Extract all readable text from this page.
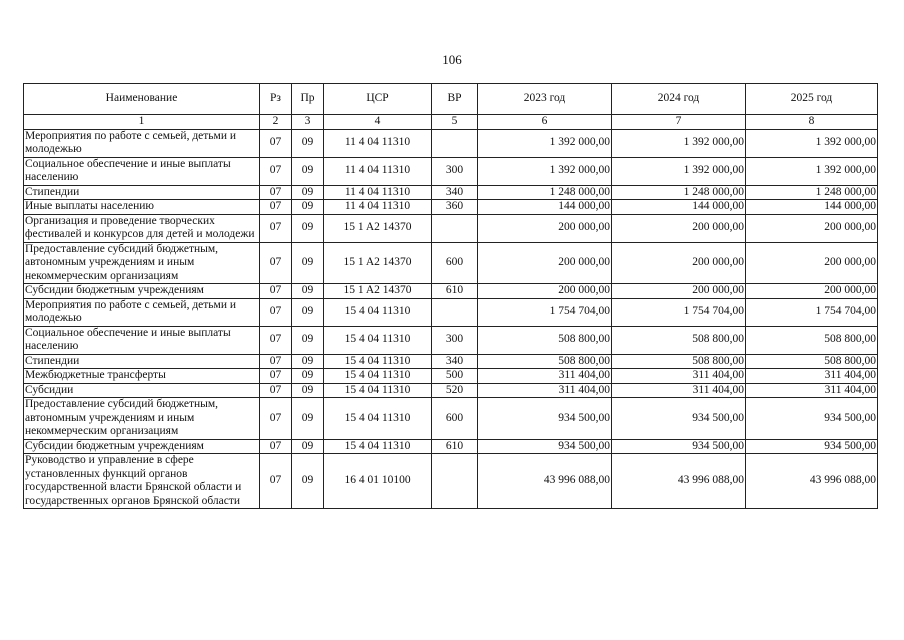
106
Наименование	Рз	Пр	ЦСР	ВР	2023 год	2024 год	2025 год
1	2	3	4	5	6	7	8
Мероприятия по работе с семьей, детьми и молодежью	07	09	11 4 04 11310		1 392 000,00	1 392 000,00	1 392 000,00
Социальное обеспечение и иные выплаты населению	07	09	11 4 04 11310	300	1 392 000,00	1 392 000,00	1 392 000,00
Стипендии	07	09	11 4 04 11310	340	1 248 000,00	1 248 000,00	1 248 000,00
Иные выплаты населению	07	09	11 4 04 11310	360	144 000,00	144 000,00	144 000,00
Организация и проведение творческих фестивалей и конкурсов для детей и молодежи	07	09	15 1 A2 14370		200 000,00	200 000,00	200 000,00
Предоставление субсидий бюджетным, автономным учреждениям и иным некоммерческим организациям	07	09	15 1 A2 14370	600	200 000,00	200 000,00	200 000,00
Субсидии бюджетным учреждениям	07	09	15 1 A2 14370	610	200 000,00	200 000,00	200 000,00
Мероприятия по работе с семьей, детьми и молодежью	07	09	15 4 04 11310		1 754 704,00	1 754 704,00	1 754 704,00
Социальное обеспечение и иные выплаты населению	07	09	15 4 04 11310	300	508 800,00	508 800,00	508 800,00
Стипендии	07	09	15 4 04 11310	340	508 800,00	508 800,00	508 800,00
Межбюджетные трансферты	07	09	15 4 04 11310	500	311 404,00	311 404,00	311 404,00
Субсидии	07	09	15 4 04 11310	520	311 404,00	311 404,00	311 404,00
Предоставление субсидий бюджетным, автономным учреждениям и иным некоммерческим организациям	07	09	15 4 04 11310	600	934 500,00	934 500,00	934 500,00
Субсидии бюджетным учреждениям	07	09	15 4 04 11310	610	934 500,00	934 500,00	934 500,00
Руководство и управление в сфере установленных функций органов государственной власти Брянской области и государственных органов Брянской области	07	09	16 4 01 10100		43 996 088,00	43 996 088,00	43 996 088,00
